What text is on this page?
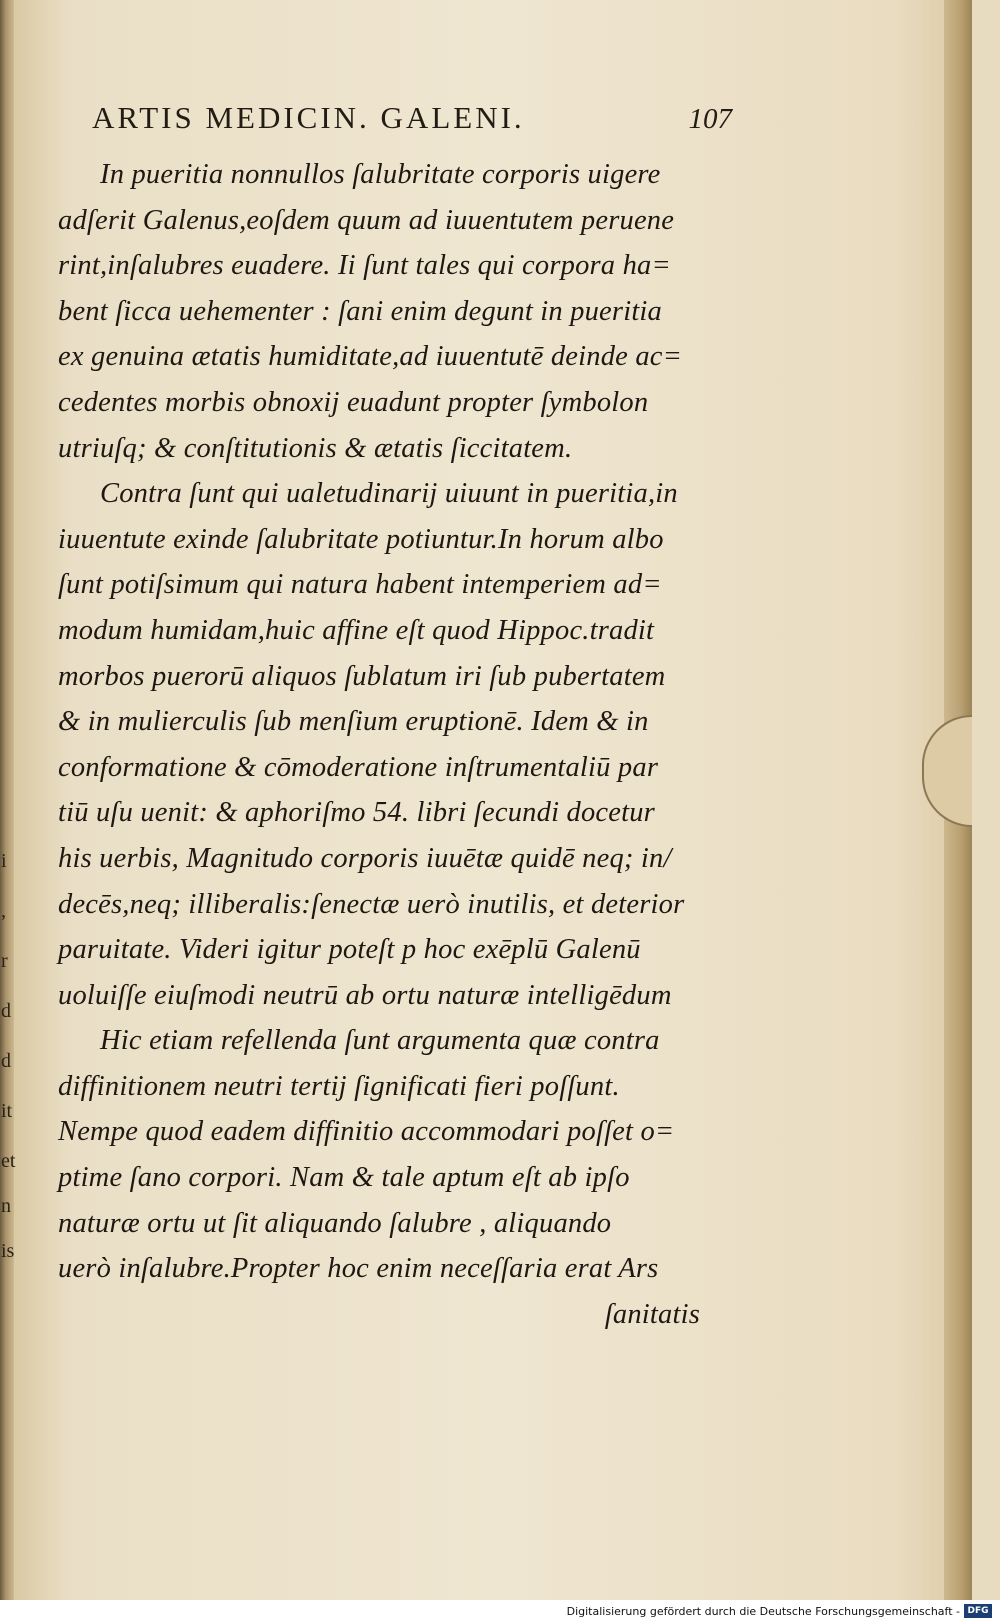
i
,
r
d
d
it
et
n
is
ARTIS MEDICIN. GALENI.	107
In pueritia nonnullos ſalubritate corporis uigere
adſerit Galenus,eoſdem quum ad iuuentutem peruene
rint,inſalubres euadere. Ii ſunt tales qui corpora ha=
bent ſicca uehementer : ſani enim degunt in pueritia
ex genuina ætatis humiditate,ad iuuentutē deinde ac=
cedentes morbis obnoxij euadunt propter ſymbolon
utriuſq; & conſtitutionis & ætatis ſiccitatem.
Contra ſunt qui ualetudinarij uiuunt in pueritia,in
iuuentute exinde ſalubritate potiuntur.In horum albo
ſunt potiſsimum qui natura habent intemperiem ad=
modum humidam,huic affine eſt quod Hippoc.tradit
morbos puerorū aliquos ſublatum iri ſub pubertatem
& in mulierculis ſub menſium eruptionē. Idem & in
conformatione & cōmoderatione inſtrumentaliū par
tiū uſu uenit: & aphoriſmo 54. libri ſecundi docetur
his uerbis, Magnitudo corporis iuuētæ quidē neq; in/
decēs,neq; illiberalis:ſenectæ uerò inutilis, et deterior
paruitate. Videri igitur poteſt p hoc exēplū Galenū
uoluiſſe eiuſmodi neutrū ab ortu naturæ intelligēdum
Hic etiam refellenda ſunt argumenta quæ contra
diffinitionem neutri tertij ſignificati fieri poſſunt.
Nempe quod eadem diffinitio accommodari poſſet o=
ptime ſano corpori. Nam & tale aptum eſt ab ipſo
naturæ ortu ut ſit aliquando ſalubre , aliquando
uerò inſalubre.Propter hoc enim neceſſaria erat Ars
ſanitatis
Digitalisierung gefördert durch die Deutsche Forschungsgemeinschaft - DFG
